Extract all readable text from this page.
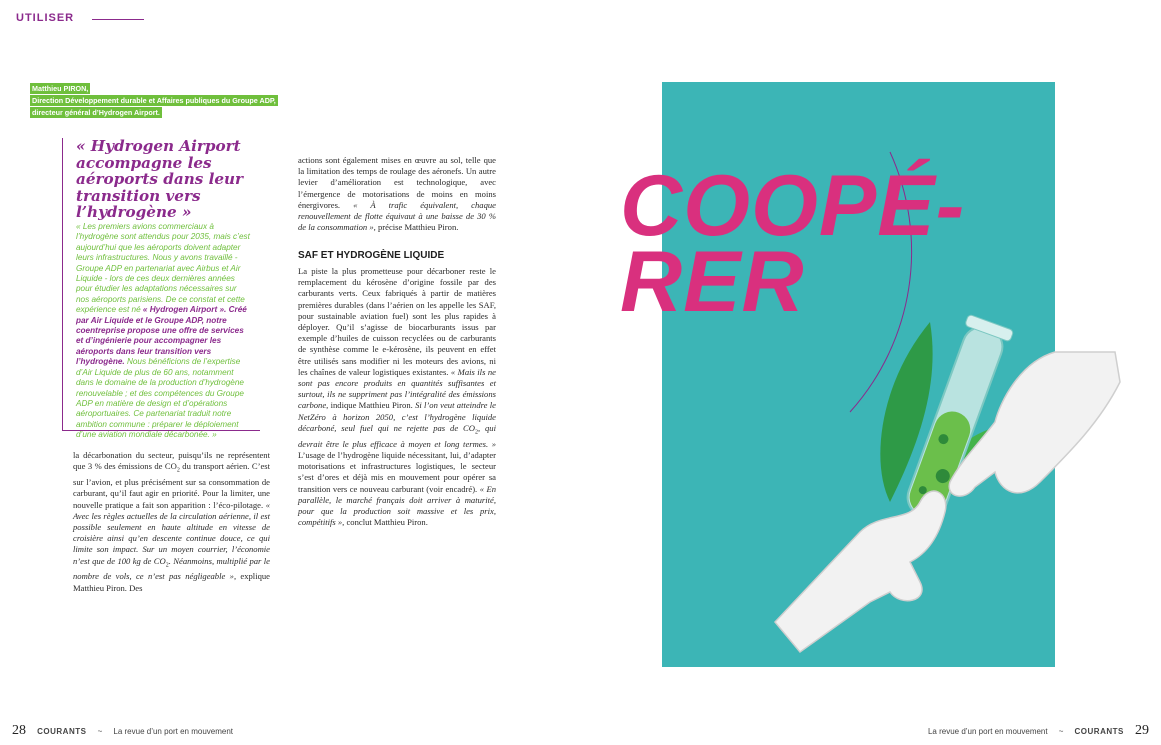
UTILISER
Matthieu PIRON,
Direction Développement durable et Affaires publiques du Groupe ADP,
directeur général d’Hydrogen Airport.
« Hydrogen Airport accompagne les aéroports dans leur transition vers l’hydrogène »

« Les premiers avions commerciaux à l’hydrogène sont attendus pour 2035, mais c’est aujourd’hui que les aéroports doivent adapter leurs infrastructures. Nous y avons travaillé - Groupe ADP en partenariat avec Airbus et Air Liquide - lors de ces deux dernières années pour étudier les adaptations nécessaires sur nos aéroports parisiens. De ce constat et cette expérience est né « Hydrogen Airport ». Créé par Air Liquide et le Groupe ADP, notre coentreprise propose une offre de services et d’ingénierie pour accompagner les aéroports dans leur transition vers l’hydrogène. Nous bénéficions de l’expertise d’Air Liquide de plus de 60 ans, notamment dans le domaine de la production d’hydrogène renouvelable ; et des compétences du Groupe ADP en matière de design et d’opérations aéroportuaires. Ce partenariat traduit notre ambition commune : préparer le déploiement d’une aviation mondiale décarbonée. »

la décarbonation du secteur, puisqu’ils ne représentent que 3 % des émissions de $CO_2$ du transport aérien. C’est sur l’avion, et plus précisément sur sa consommation de carburant, qu’il faut agir en priorité. Pour la limiter, une nouvelle pratique a fait son apparition : l’éco-pilotage. « Avec les règles actuelles de la circulation aérienne, il est possible seulement en haute altitude en vitesse de croisière ainsi qu’en descente continue douce, ce qui limite son impact. Sur un moyen courrier, l’économie n’est que de 100 kg de $CO_2$. Néanmoins, multiplié par le nombre de vols, ce n’est pas négligeable », explique Matthieu Piron. Des

actions sont également mises en œuvre au sol, telle que la limitation des temps de roulage des aéronefs. Un autre levier d’amélioration est technologique, avec l’émergence de motorisations de moins en moins énergivores. « À trafic équivalent, chaque renouvellement de flotte équivaut à une baisse de 30 % de la consommation », précise Matthieu Piron.

SAF ET HYDROGÈNE LIQUIDE

La piste la plus prometteuse pour décarboner reste le remplacement du kérosène d’origine fossile par des carburants verts. Ceux fabriqués à partir de matières premières durables (dans l’aérien on les appelle les SAF, pour sustainable aviation fuel) sont les plus rapides à déployer. Qu’il s’agisse de biocarburants issus par exemple d’huiles de cuisson recyclées ou de carburants de synthèse comme le e-kérosène, ils peuvent en effet être utilisés sans modifier ni les moteurs des avions, ni les chaînes de valeur logistiques existantes. « Mais ils ne sont pas encore produits en quantités suffisantes et surtout, ils ne suppriment pas l’intégralité des émissions carbone, indique Matthieu Piron. Si l’on veut atteindre le NetZéro à horizon 2050, c’est l’hydrogène liquide décarboné, seul fuel qui ne rejette pas de $CO_2$, qui devrait être le plus efficace à moyen et long termes. » L’usage de l’hydrogène liquide nécessitant, lui, d’adapter motorisations et infrastructures logistiques, le secteur s’est d’ores et déjà mis en mouvement pour opérer sa transition vers ce nouveau carburant (voir encadré). « En parallèle, le marché français doit arriver à maturité, pour que la production soit massive et les prix, compétitifs », conclut Matthieu Piron.

COOPÉ-
RER
28 COURANTS ~ La revue d’un port en mouvement	La revue d’un port en mouvement ~ COURANTS 29
